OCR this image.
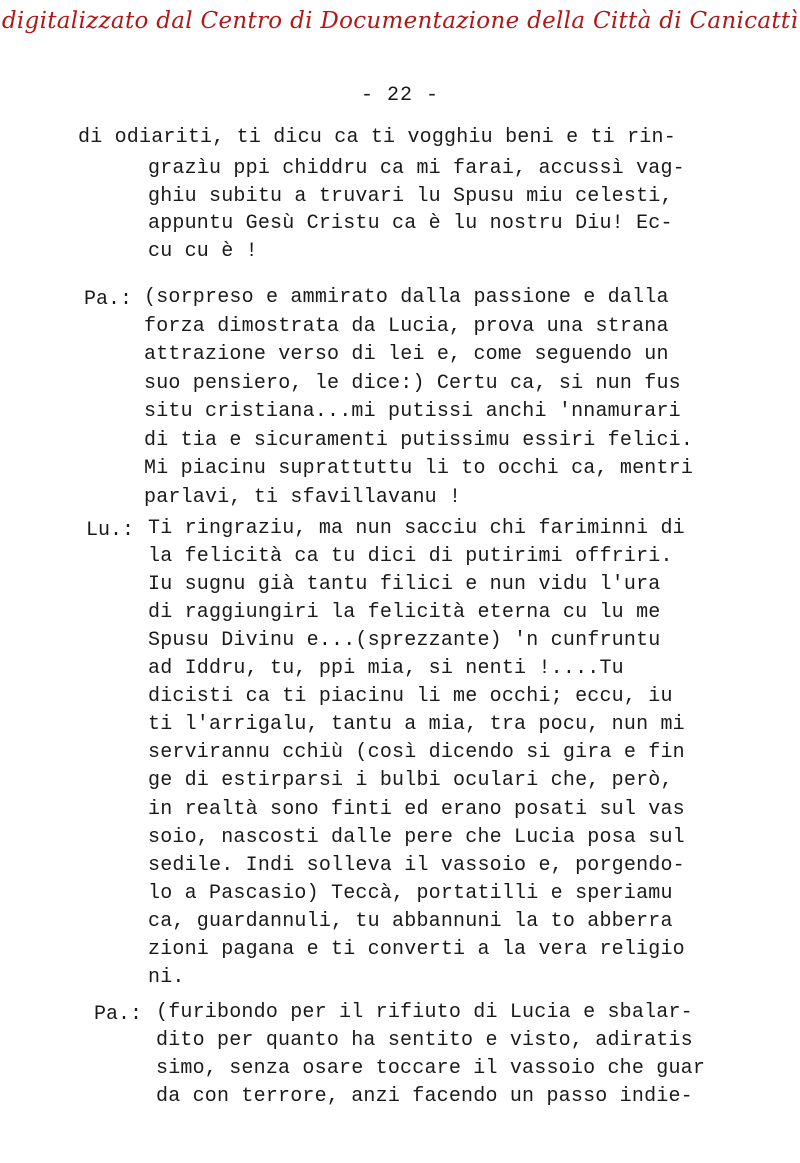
digitalizzato dal Centro di Documentazione della Città di Canicattì
- 22 -
di odiariti, ti dicu ca ti vogghiu beni e ti rin-
grazìu ppi chiddru ca mi farai, accussì vag-
ghiu subitu a truvari lu Spusu miu celesti,
appuntu Gesù Cristu ca è lu nostru Diu! Ec-
cu cu è !
Pa.: (sorpreso e ammirato dalla passione e dalla
forza dimostrata da Lucia, prova una strana
attrazione verso di lei e, come seguendo un
suo pensiero, le dice:) Certu ca, si nun fus
situ cristiana...mi putissi anchi 'nnamurari
di tia e sicuramenti putissimu essiri felici.
Mi piacinu suprattuttu li to occhi ca, mentri
parlavi, ti sfavillavanu !
Lu.: Ti ringraziu, ma nun sacciu chi fariminni di
la felicità ca tu dici di putirimi offriri.
Iu sugnu già tantu filici e nun vidu l'ura
di raggiungiri la felicità eterna cu lu me
Spusu Divinu e...(sprezzante) 'n cunfruntu
ad Iddru, tu, ppi mia, si nenti !....Tu
dicisti ca ti piacinu li me occhi; eccu, iu
ti l'arrigalu, tantu a mia, tra pocu, nun mi
servirannu cchiù (così dicendo si gira e fin
ge di estirparsi i bulbi oculari che, però,
in realtà sono finti ed erano posati sul vas
soio, nascosti dalle pere che Lucia posa sul
sedile. Indi solleva il vassoio e, porgendo-
lo a Pascasio) Teccà, portatilli e speriamu
ca, guardannuli, tu abbannuni la to abberra
zioni pagana e ti converti a la vera religio
ni.
Pa.: (furibondo per il rifiuto di Lucia e sbalar-
dito per quanto ha sentito e visto, adiratis
simo, senza osare toccare il vassoio che guar
da con terrore, anzi facendo un passo indie-
